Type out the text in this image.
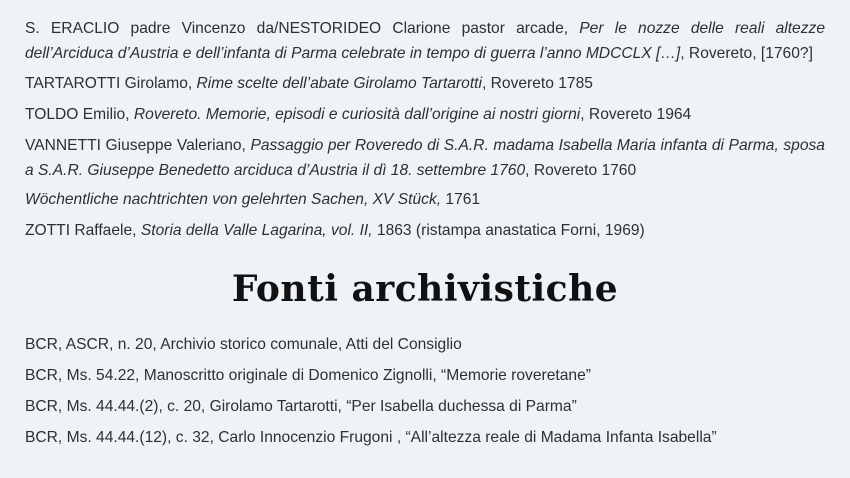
S. ERACLIO padre Vincenzo da/NESTORIDEO Clarione pastor arcade, Per le nozze delle reali altezze dell’Arciduca d’Austria e dell’infanta di Parma celebrate in tempo di guerra l’anno MDCCLX […], Rovereto, [1760?]

TARTAROTTI Girolamo, Rime scelte dell’abate Girolamo Tartarotti, Rovereto 1785

TOLDO Emilio, Rovereto. Memorie, episodi e curiosità dall’origine ai nostri giorni, Rovereto 1964

VANNETTI Giuseppe Valeriano, Passaggio per Roveredo di S.A.R. madama Isabella Maria infanta di Parma, sposa a S.A.R. Giuseppe Benedetto arciduca d’Austria il dì 18. settembre 1760, Rovereto 1760

Wöchentliche nachtrichten von gelehrten Sachen, XV Stück, 1761

ZOTTI Raffaele, Storia della Valle Lagarina, vol. II, 1863 (ristampa anastatica Forni, 1969)

BCR, ASCR, n. 20, Archivio storico comunale, Atti del Consiglio

BCR, Ms. 54.22, Manoscritto originale di Domenico Zignolli, “Memorie roveretane”

BCR, Ms. 44.44.(2), c. 20, Girolamo Tartarotti, “Per Isabella duchessa di Parma”

BCR, Ms. 44.44.(12), c. 32, Carlo Innocenzio Frugoni , “All’altezza reale di Madama Infanta Isabella”

Fonti archivistiche
